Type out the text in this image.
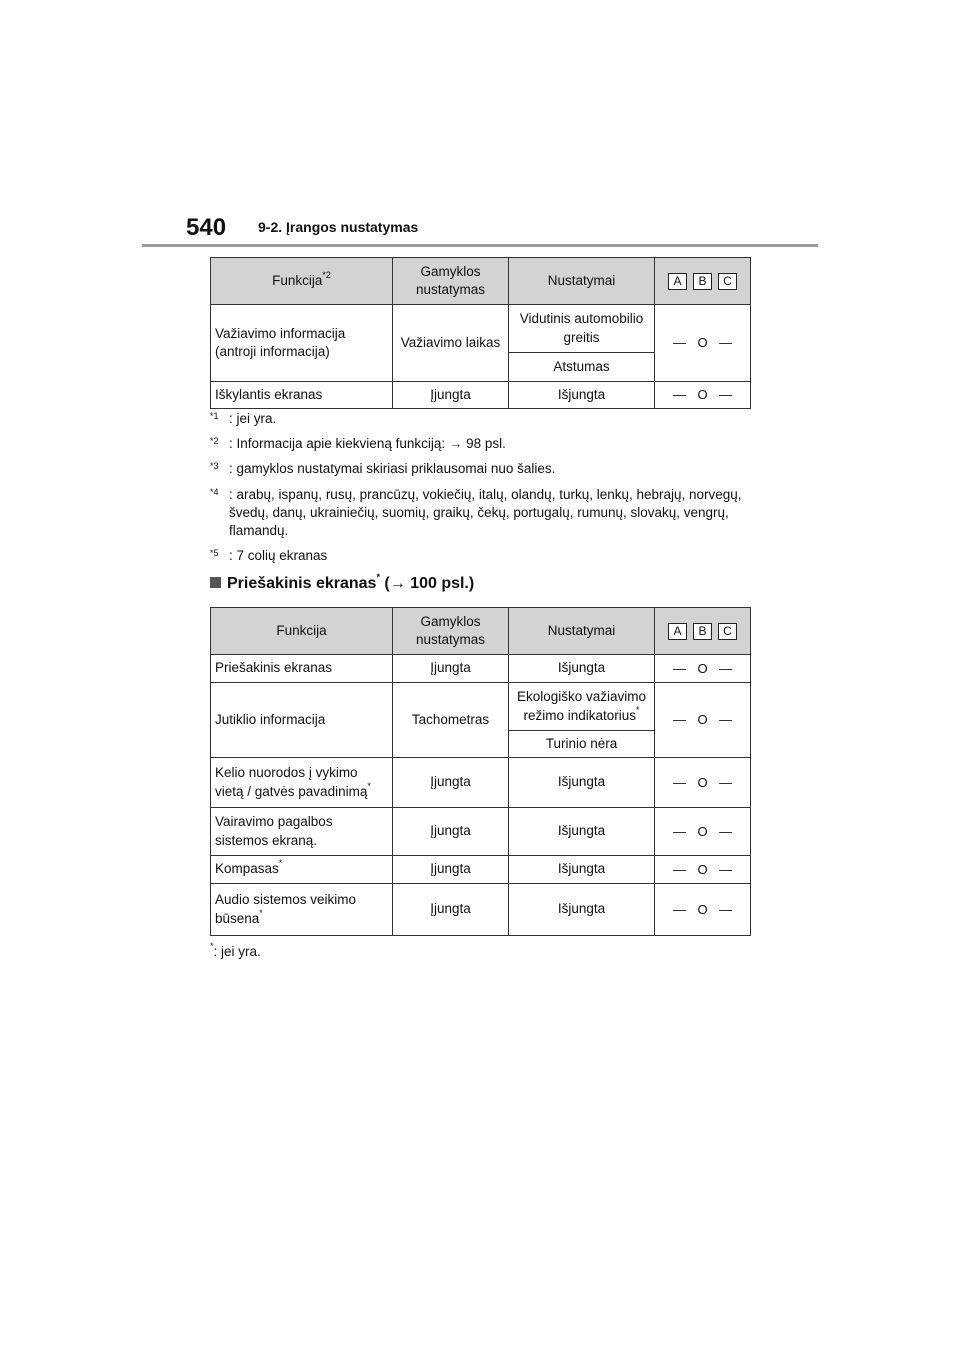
540 9-2. Įrangos nustatymas
Funkcija$^{*2}$	Gamyklos nustatymas	Nustatymai	A B C
Važiavimo informacija (antroji informacija)	Važiavimo laikas	Vidutinis automobilio greitis	— O —
		Atstumas	
Iškylantis ekranas	Įjungta	Išjungta	— O —
*1 : jei yra.
*2 : Informacija apie kiekvieną funkciją: → 98 psl.
*3 : gamyklos nustatymai skiriasi priklausomai nuo šalies.
*4 : arabų, ispanų, rusų, prancūzų, vokiečių, italų, olandų, turkų, lenkų, hebrajų, norvegų, švedų, danų, ukrainiečių, suomių, graikų, čekų, portugalų, rumunų, slovakų, vengrų, flamandų.
*5 : 7 colių ekranas
Priešakinis ekranas* (→ 100 psl.)
Funkcija	Gamyklos nustatymas	Nustatymai	A B C
Priešakinis ekranas	Įjungta	Išjungta	— O —
Jutiklio informacija	Tachometras	Ekologiško važiavimo režimo indikatorius*	— O —
		Turinio nėra	
Kelio nuorodos į vykimo vietą / gatvės pavadinimą*	Įjungta	Išjungta	— O —
Vairavimo pagalbos sistemos ekraną.	Įjungta	Išjungta	— O —
Kompasas*	Įjungta	Išjungta	— O —
Audio sistemos veikimo būsena*	Įjungta	Išjungta	— O —
*: jei yra.
